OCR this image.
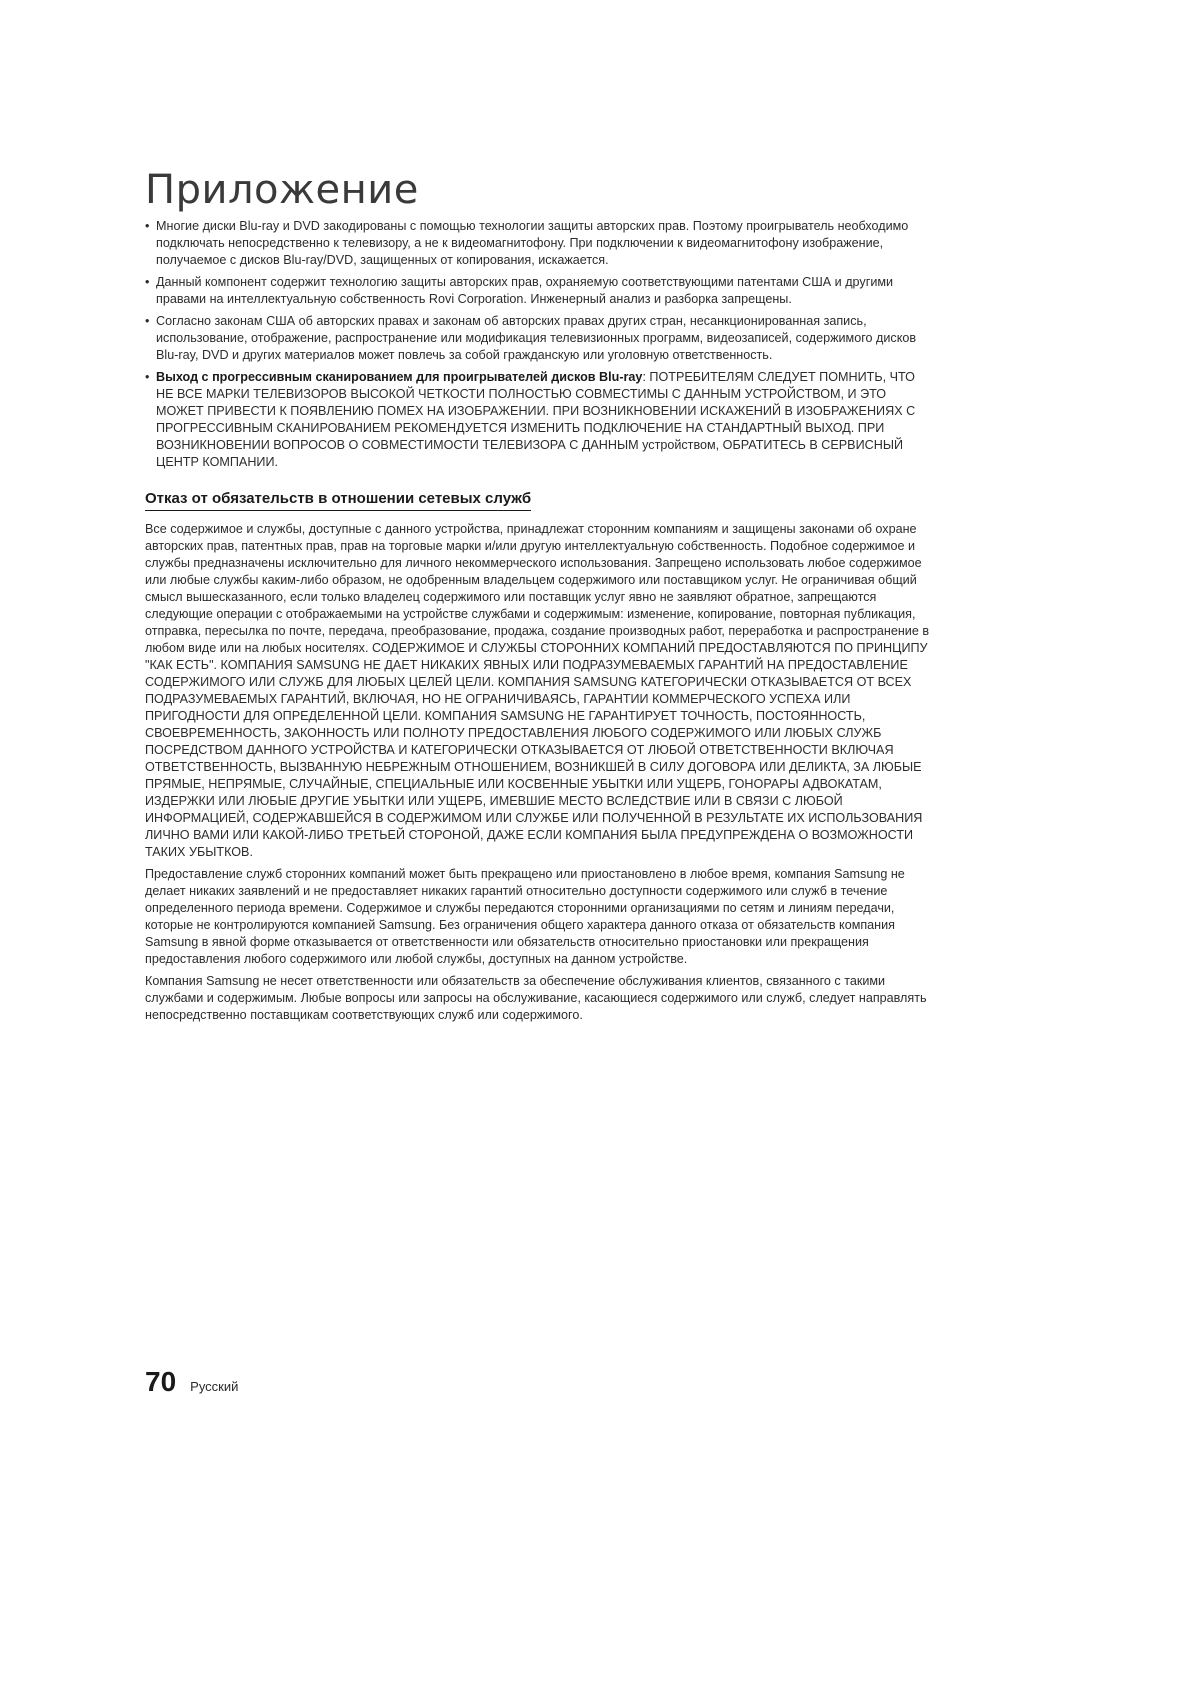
Приложение
• Многие диски Blu-ray и DVD закодированы с помощью технологии защиты авторских прав. Поэтому проигрыватель необходимо подключать непосредственно к телевизору, а не к видеомагнитофону. При подключении к видеомагнитофону изображение, получаемое с дисков Blu-ray/DVD, защищенных от копирования, искажается.
• Данный компонент содержит технологию защиты авторских прав, охраняемую соответствующими патентами США и другими правами на интеллектуальную собственность Rovi Corporation. Инженерный анализ и разборка запрещены.
• Согласно законам США об авторских правах и законам об авторских правах других стран, несанкционированная запись, использование, отображение, распространение или модификация телевизионных программ, видеозаписей, содержимого дисков Blu-ray, DVD и других материалов может повлечь за собой гражданскую или уголовную ответственность.
• Выход с прогрессивным сканированием для проигрывателей дисков Blu-ray: ПОТРЕБИТЕЛЯМ СЛЕДУЕТ ПОМНИТЬ, ЧТО НЕ ВСЕ МАРКИ ТЕЛЕВИЗОРОВ ВЫСОКОЙ ЧЕТКОСТИ ПОЛНОСТЬЮ СОВМЕСТИМЫ С ДАННЫМ УСТРОЙСТВОМ, И ЭТО МОЖЕТ ПРИВЕСТИ К ПОЯВЛЕНИЮ ПОМЕХ НА ИЗОБРАЖЕНИИ. ПРИ ВОЗНИКНОВЕНИИ ИСКАЖЕНИЙ В ИЗОБРАЖЕНИЯХ С ПРОГРЕССИВНЫМ СКАНИРОВАНИЕМ РЕКОМЕНДУЕТСЯ ИЗМЕНИТЬ ПОДКЛЮЧЕНИЕ НА СТАНДАРТНЫЙ ВЫХОД. ПРИ ВОЗНИКНОВЕНИИ ВОПРОСОВ О СОВМЕСТИМОСТИ ТЕЛЕВИЗОРА С ДАННЫМ устройством, ОБРАТИТЕСЬ В СЕРВИСНЫЙ ЦЕНТР КОМПАНИИ.
Отказ от обязательств в отношении сетевых служб

Все содержимое и службы, доступные с данного устройства, принадлежат сторонним компаниям и защищены законами об охране авторских прав, патентных прав, прав на торговые марки и/или другую интеллектуальную собственность. Подобное содержимое и службы предназначены исключительно для личного некоммерческого использования. Запрещено использовать любое содержимое или любые службы каким-либо образом, не одобренным владельцем содержимого или поставщиком услуг. Не ограничивая общий смысл вышесказанного, если только владелец содержимого или поставщик услуг явно не заявляют обратное, запрещаются следующие операции с отображаемыми на устройстве службами и содержимым: изменение, копирование, повторная публикация, отправка, пересылка по почте, передача, преобразование, продажа, создание производных работ, переработка и распространение в любом виде или на любых носителях. СОДЕРЖИМОЕ И СЛУЖБЫ СТОРОННИХ КОМПАНИЙ ПРЕДОСТАВЛЯЮТСЯ ПО ПРИНЦИПУ "КАК ЕСТЬ". КОМПАНИЯ SAMSUNG НЕ ДАЕТ НИКАКИХ ЯВНЫХ ИЛИ ПОДРАЗУМЕВАЕМЫХ ГАРАНТИЙ НА ПРЕДОСТАВЛЕНИЕ СОДЕРЖИМОГО ИЛИ СЛУЖБ ДЛЯ ЛЮБЫХ ЦЕЛЕЙ ЦЕЛИ. КОМПАНИЯ SAMSUNG КАТЕГОРИЧЕСКИ ОТКАЗЫВАЕТСЯ ОТ ВСЕХ ПОДРАЗУМЕВАЕМЫХ ГАРАНТИЙ, ВКЛЮЧАЯ, НО НЕ ОГРАНИЧИВАЯСЬ, ГАРАНТИИ КОММЕРЧЕСКОГО УСПЕХА ИЛИ ПРИГОДНОСТИ ДЛЯ ОПРЕДЕЛЕННОЙ ЦЕЛИ. КОМПАНИЯ SAMSUNG НЕ ГАРАНТИРУЕТ ТОЧНОСТЬ, ПОСТОЯННОСТЬ, СВОЕВРЕМЕННОСТЬ, ЗАКОННОСТЬ ИЛИ ПОЛНОТУ ПРЕДОСТАВЛЕНИЯ ЛЮБОГО СОДЕРЖИМОГО ИЛИ ЛЮБЫХ СЛУЖБ ПОСРЕДСТВОМ ДАННОГО УСТРОЙСТВА И КАТЕГОРИЧЕСКИ ОТКАЗЫВАЕТСЯ ОТ ЛЮБОЙ ОТВЕТСТВЕННОСТИ ВКЛЮЧАЯ ОТВЕТСТВЕННОСТЬ, ВЫЗВАННУЮ НЕБРЕЖНЫМ ОТНОШЕНИЕМ, ВОЗНИКШЕЙ В СИЛУ ДОГОВОРА ИЛИ ДЕЛИКТА, ЗА ЛЮБЫЕ ПРЯМЫЕ, НЕПРЯМЫЕ, СЛУЧАЙНЫЕ, СПЕЦИАЛЬНЫЕ ИЛИ КОСВЕННЫЕ УБЫТКИ ИЛИ УЩЕРБ, ГОНОРАРЫ АДВОКАТАМ, ИЗДЕРЖКИ ИЛИ ЛЮБЫЕ ДРУГИЕ УБЫТКИ ИЛИ УЩЕРБ, ИМЕВШИЕ МЕСТО ВСЛЕДСТВИЕ ИЛИ В СВЯЗИ С ЛЮБОЙ ИНФОРМАЦИЕЙ, СОДЕРЖАВШЕЙСЯ В СОДЕРЖИМОМ ИЛИ СЛУЖБЕ ИЛИ ПОЛУЧЕННОЙ В РЕЗУЛЬТАТЕ ИХ ИСПОЛЬЗОВАНИЯ ЛИЧНО ВАМИ ИЛИ КАКОЙ-ЛИБО ТРЕТЬЕЙ СТОРОНОЙ, ДАЖЕ ЕСЛИ КОМПАНИЯ БЫЛА ПРЕДУПРЕЖДЕНА О ВОЗМОЖНОСТИ ТАКИХ УБЫТКОВ.

Предоставление служб сторонних компаний может быть прекращено или приостановлено в любое время, компания Samsung не делает никаких заявлений и не предоставляет никаких гарантий относительно доступности содержимого или служб в течение определенного периода времени. Содержимое и службы передаются сторонними организациями по сетям и линиям передачи, которые не контролируются компанией Samsung. Без ограничения общего характера данного отказа от обязательств компания Samsung в явной форме отказывается от ответственности или обязательств относительно приостановки или прекращения предоставления любого содержимого или любой службы, доступных на данном устройстве.

Компания Samsung не несет ответственности или обязательств за обеспечение обслуживания клиентов, связанного с такими службами и содержимым. Любые вопросы или запросы на обслуживание, касающиеся содержимого или служб, следует направлять непосредственно поставщикам соответствующих служб или содержимого.

70 Русский
